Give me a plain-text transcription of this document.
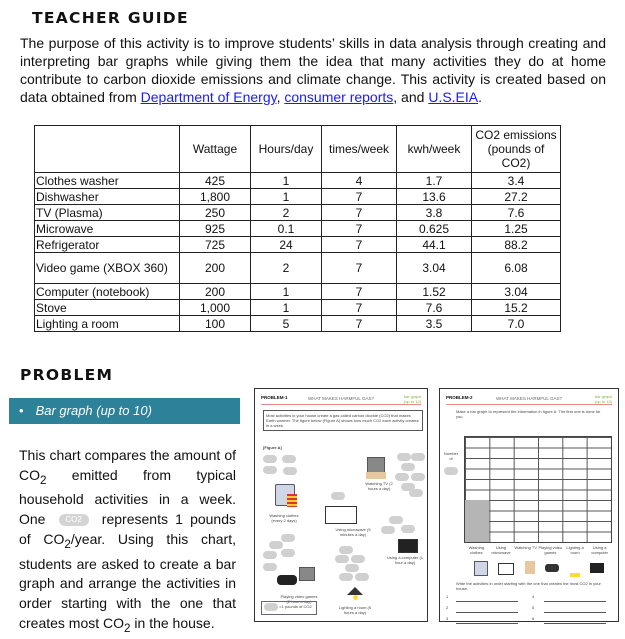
TEACHER GUIDE
The purpose of this activity is to improve students’ skills in data analysis through creating and interpreting bar graphs while giving them the idea that many activities they do at home contribute to carbon dioxide emissions and climate change. This activity is created based on data obtained from Department of Energy, consumer reports, and U.S.EIA.
	Wattage	Hours/day	times/week	kwh/week	CO2 emissions (pounds of CO2)
Clothes washer	425	1	4	1.7	3.4
Dishwasher	1,800	1	7	13.6	27.2
TV (Plasma)	250	2	7	3.8	7.6
Microwave	925	0.1	7	0.625	1.25
Refrigerator	725	24	7	44.1	88.2
Video game (XBOX 360)	200	2	7	3.04	6.08
Computer (notebook)	200	1	7	1.52	3.04
Stove	1,000	1	7	7.6	15.2
Lighting a room	100	5	7	3.5	7.0
PROBLEM
• Bar graph (up to 10)
This chart compares the amount of $CO_2$ emitted from typical household activities in a week. One CO2 represents 1 pounds of $CO_2$/year. Using this chart, students are asked to create a bar graph and arrange the activities in order starting with the one that creates most $CO_2$ in the house.
PROBLEM-1	WHAT MAKES HARMFUL GAS?	bar graph (up to 10)
Most activities in your house create a gas called carbon dioxide (CO2) that makes Earth warmer. The figure below (Figure A) shows how much CO2 each activity creates in a week.
[Figure A]
Watching TV (2 hours a day)
Washing clothes (every 2 days)
Using microwave (5 minutes a day)
Using a computer (1 hour a day)
Playing video games (2 hour a day)
Lighting a room (5 hours a day)
=1 pounds of CO2
PROBLEM-2	WHAT MAKES HARMFUL GAS?	bar graph (up to 10)
Make a bar graph to represent the information in figure A. The first one is done for you.
Number of
Washing clothes
Using microwave
Watching TV Playing video games
Lighting a room
Using a computer
Write the activities in order starting with the one that creates the most CO2 in your house.
1
2
3
4
5
6
